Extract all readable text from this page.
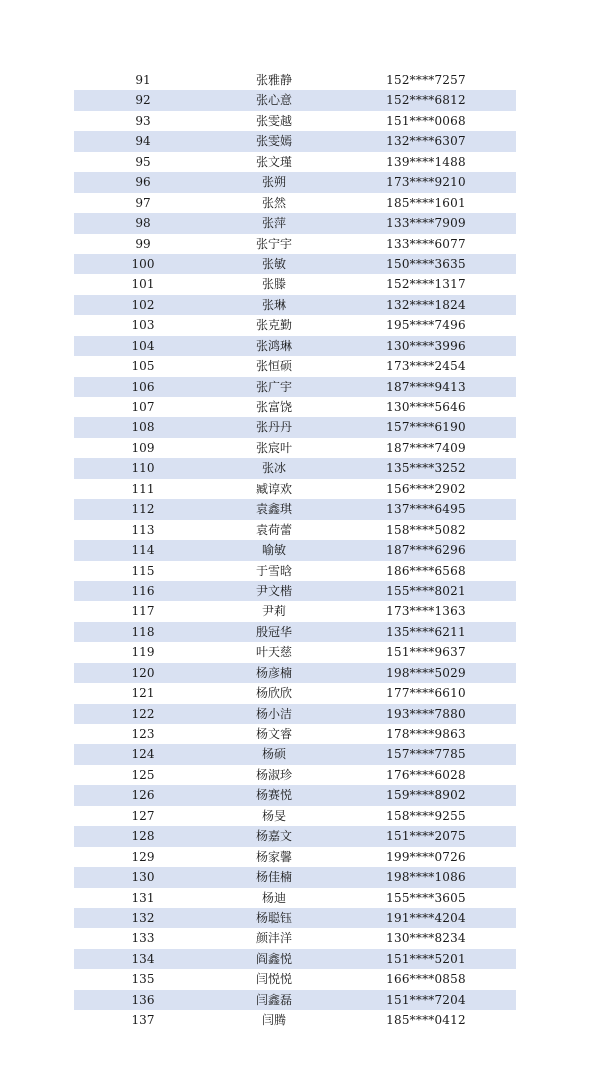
91	张雅静	152****7257
92	张心意	152****6812
93	张雯越	151****0068
94	张雯嫣	132****6307
95	张文瑾	139****1488
96	张朔	173****9210
97	张然	185****1601
98	张萍	133****7909
99	张宁宇	133****6077
100	张敏	150****3635
101	张滕	152****1317
102	张琳	132****1824
103	张克勤	195****7496
104	张鸿琳	130****3996
105	张恒硕	173****2454
106	张广宇	187****9413
107	张富饶	130****5646
108	张丹丹	157****6190
109	张宸叶	187****7409
110	张冰	135****3252
111	臧谆欢	156****2902
112	袁鑫琪	137****6495
113	袁荷蕾	158****5082
114	喻敏	187****6296
115	于雪晗	186****6568
116	尹文楷	155****8021
117	尹莉	173****1363
118	殷冠华	135****6211
119	叶天慈	151****9637
120	杨彦楠	198****5029
121	杨欣欣	177****6610
122	杨小洁	193****7880
123	杨文睿	178****9863
124	杨硕	157****7785
125	杨淑珍	176****6028
126	杨赛悦	159****8902
127	杨旻	158****9255
128	杨嘉文	151****2075
129	杨家馨	199****0726
130	杨佳楠	198****1086
131	杨迪	155****3605
132	杨聪钰	191****4204
133	颜沣洋	130****8234
134	阎鑫悦	151****5201
135	闫悦悦	166****0858
136	闫鑫磊	151****7204
137	闫腾	185****0412
